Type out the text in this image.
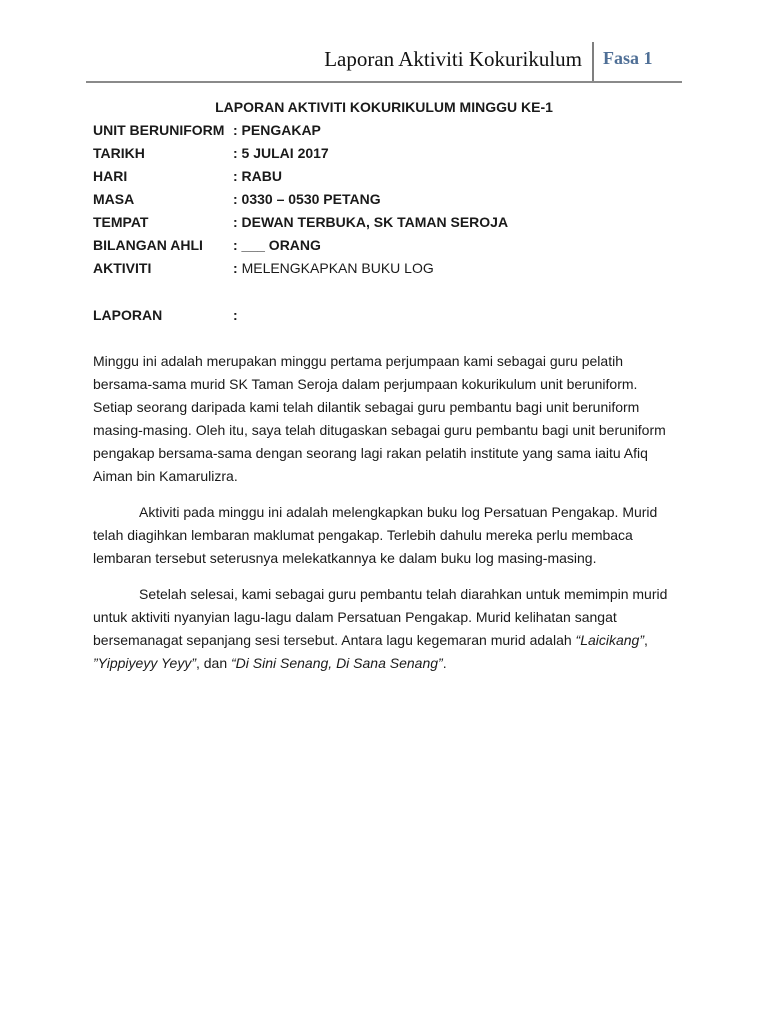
Laporan Aktiviti Kokurikulum Fasa 1
LAPORAN AKTIVITI KOKURIKULUM MINGGU KE-1
UNIT BERUNIFORM : PENGAKAP
TARIKH	: 5 JULAI 2017
HARI	: RABU
MASA	: 0330 – 0530 PETANG
TEMPAT	: DEWAN TERBUKA, SK TAMAN SEROJA
BILANGAN AHLI : ___ ORANG
AKTIVITI	: MELENGKAPKAN BUKU LOG
LAPORAN	:

Minggu ini adalah merupakan minggu pertama perjumpaan kami sebagai guru pelatih bersama-sama murid SK Taman Seroja dalam perjumpaan kokurikulum unit beruniform. Setiap seorang daripada kami telah dilantik sebagai guru pembantu bagi unit beruniform masing-masing. Oleh itu, saya telah ditugaskan sebagai guru pembantu bagi unit beruniform pengakap bersama-sama dengan seorang lagi rakan pelatih institute yang sama iaitu Afiq Aiman bin Kamarulizra.

Aktiviti pada minggu ini adalah melengkapkan buku log Persatuan Pengakap. Murid telah diagihkan lembaran maklumat pengakap. Terlebih dahulu mereka perlu membaca lembaran tersebut seterusnya melekatkannya ke dalam buku log masing-masing.

Setelah selesai, kami sebagai guru pembantu telah diarahkan untuk memimpin murid untuk aktiviti nyanyian lagu-lagu dalam Persatuan Pengakap. Murid kelihatan sangat bersemanagat sepanjang sesi tersebut. Antara lagu kegemaran murid adalah “Laicikang”, ”Yippiyeyy Yeyy”, dan “Di Sini Senang, Di Sana Senang”.
